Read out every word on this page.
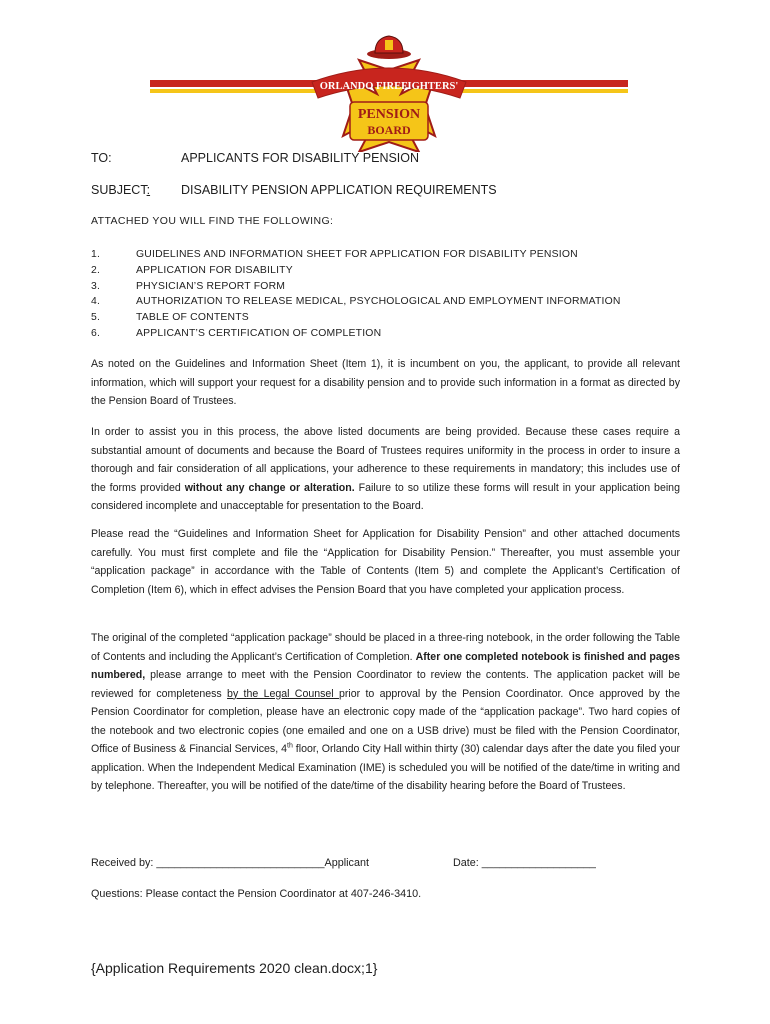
ORLANDO FIREFIGHTERS'
PENSION
BOARD
TO:	APPLICANTS FOR DISABILITY PENSION
SUBJECT: DISABILITY PENSION APPLICATION REQUIREMENTS
ATTACHED YOU WILL FIND THE FOLLOWING:
1.	GUIDELINES AND INFORMATION SHEET FOR APPLICATION FOR DISABILITY PENSION
2.	APPLICATION FOR DISABILITY
3.	PHYSICIAN’S REPORT FORM
4.	AUTHORIZATION TO RELEASE MEDICAL, PSYCHOLOGICAL AND EMPLOYMENT INFORMATION
5.	TABLE OF CONTENTS
6.	APPLICANT’S CERTIFICATION OF COMPLETION

As noted on the Guidelines and Information Sheet (Item 1), it is incumbent on you, the applicant, to provide all relevant information, which will support your request for a disability pension and to provide such information in a format as directed by the Pension Board of Trustees.

In order to assist you in this process, the above listed documents are being provided. Because these cases require a substantial amount of documents and because the Board of Trustees requires uniformity in the process in order to insure a thorough and fair consideration of all applications, your adherence to these requirements in mandatory; this includes use of the forms provided without any change or alteration. Failure to so utilize these forms will result in your application being considered incomplete and unacceptable for presentation to the Board.

Please read the “Guidelines and Information Sheet for Application for Disability Pension” and other attached documents carefully. You must first complete and file the “Application for Disability Pension.” Thereafter, you must assemble your “application package” in accordance with the Table of Contents (Item 5) and complete the Applicant’s Certification of Completion (Item 6), which in effect advises the Pension Board that you have completed your application process.

The original of the completed “application package” should be placed in a three-ring notebook, in the order following the Table of Contents and including the Applicant’s Certification of Completion. After one completed notebook is finished and pages numbered, please arrange to meet with the Pension Coordinator to review the contents. The application packet will be reviewed for completeness by the Legal Counsel prior to approval by the Pension Coordinator. Once approved by the Pension Coordinator for completion, please have an electronic copy made of the “application package”. Two hard copies of the notebook and two electronic copies (one emailed and one on a USB drive) must be filed with the Pension Coordinator, Office of Business & Financial Services, 4th floor, Orlando City Hall within thirty (30) calendar days after the date you filed your application. When the Independent Medical Examination (IME) is scheduled you will be notified of the date/time in writing and by telephone. Thereafter, you will be notified of the date/time of the disability hearing before the Board of Trustees.

Received by: ____________________________Applicant	Date: ___________________
Questions: Please contact the Pension Coordinator at 407-246-3410.
{Application Requirements 2020 clean.docx;1}
